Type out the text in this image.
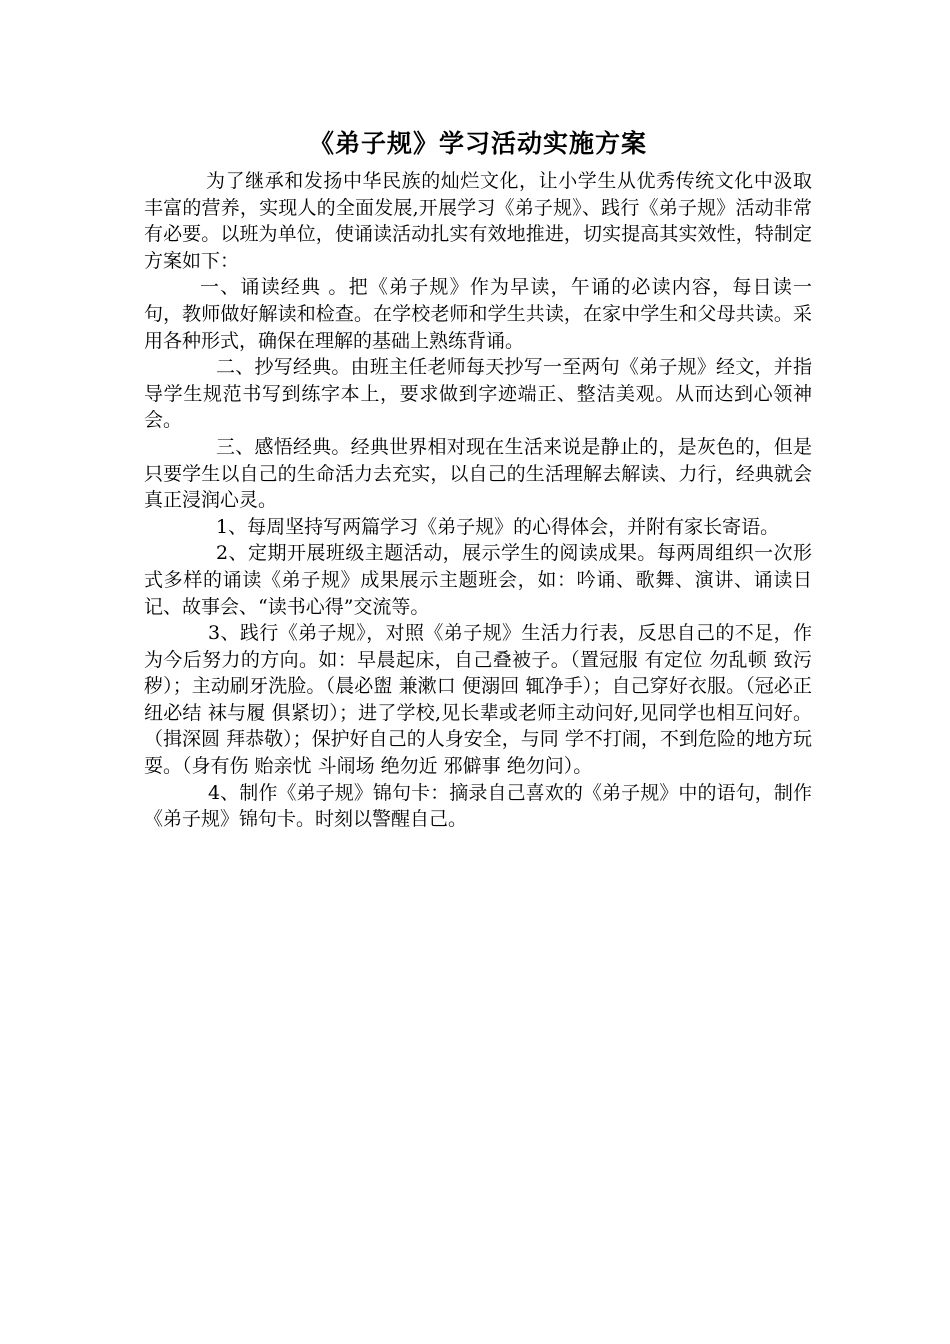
《弟子规》学习活动实施方案

为了继承和发扬中华民族的灿烂文化，让小学生从优秀传统文化中汲取丰富的营养，实现人的全面发展,开展学习《弟子规》、践行《弟子规》活动非常有必要。以班为单位，使诵读活动扎实有效地推进，切实提高其实效性，特制定方案如下：

一、诵读经典 。把《弟子规》作为早读，午诵的必读内容，每日读一句，教师做好解读和检查。在学校老师和学生共读，在家中学生和父母共读。采用各种形式，确保在理解的基础上熟练背诵。

二、抄写经典。由班主任老师每天抄写一至两句《弟子规》经文，并指导学生规范书写到练字本上，要求做到字迹端正、整洁美观。从而达到心领神会。

三、感悟经典。经典世界相对现在生活来说是静止的，是灰色的，但是只要学生以自己的生命活力去充实，以自己的生活理解去解读、力行，经典就会真正浸润心灵。

1、每周坚持写两篇学习《弟子规》的心得体会，并附有家长寄语。

2、定期开展班级主题活动，展示学生的阅读成果。每两周组织一次形式多样的诵读《弟子规》成果展示主题班会，如：吟诵、歌舞、演讲、诵读日记、故事会、“读书心得”交流等。

3、践行《弟子规》，对照《弟子规》生活力行表，反思自己的不足，作为今后努力的方向。如：早晨起床，自己叠被子。（置冠服 有定位 勿乱顿 致污秽）；主动刷牙洗脸。（晨必盥 兼漱口 便溺回 辄净手）；自己穿好衣服。（冠必正 纽必结 袜与履 俱紧切）；进了学校,见长辈或老师主动问好,见同学也相互问好。（揖深圆 拜恭敬）；保护好自己的人身安全，与同 学不打闹，不到危险的地方玩耍。（身有伤 贻亲忧 斗闹场 绝勿近 邪僻事 绝勿问）。

4、制作《弟子规》锦句卡：摘录自己喜欢的《弟子规》中的语句，制作《弟子规》锦句卡。时刻以警醒自己。
